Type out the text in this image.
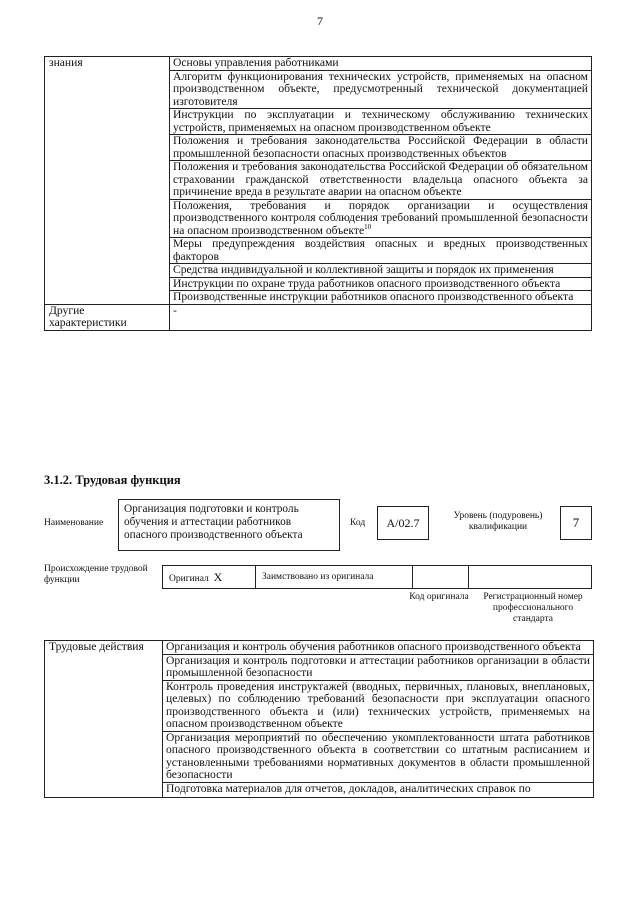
7
знания	Основы управления работниками
	Алгоритм функционирования технических устройств, применяемых на опасном производственном объекте, предусмотренный технической документацией изготовителя
	Инструкции по эксплуатации и техническому обслуживанию технических устройств, применяемых на опасном производственном объекте
	Положения и требования законодательства Российской Федерации в области промышленной безопасности опасных производственных объектов
	Положения и требования законодательства Российской Федерации об обязательном страховании гражданской ответственности владельца опасного объекта за причинение вреда в результате аварии на опасном объекте
	Положения, требования и порядок организации и осуществления производственного контроля соблюдения требований промышленной безопасности на опасном производственном объекте$^{10}$
	Меры предупреждения воздействия опасных и вредных производственных факторов
	Средства индивидуальной и коллективной защиты и порядок их применения
	Инструкции по охране труда работников опасного производственного объекта
	Производственные инструкции работников опасного производственного объекта
Другие характеристики	-
3.1.2. Трудовая функция
Наименование
Организация подготовки и контроль обучения и аттестации работников опасного производственного объекта
Код	А/02.7	Уровень (подуровень) квалификации	7
Происхождение трудовой функции	Оригинал X	Заимствовано из оригинала		
Код оригинала	Регистрационный номер профессионального стандарта
Трудовые действия	Организация и контроль обучения работников опасного производственного объекта
Организация и контроль подготовки и аттестации работников организации в области промышленной безопасности
Контроль проведения инструктажей (вводных, первичных, плановых, внеплановых, целевых) по соблюдению требований безопасности при эксплуатации опасного производственного объекта и (или) технических устройств, применяемых на опасном производственном объекте
Организация мероприятий по обеспечению укомплектованности штата работников опасного производственного объекта в соответствии со штатным расписанием и установленными требованиями нормативных документов в области промышленной безопасности

Подготовка материалов для отчетов, докладов, аналитических справок по
